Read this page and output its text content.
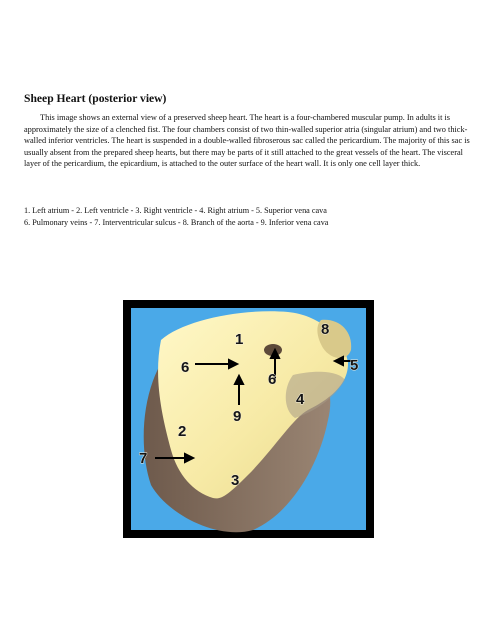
Sheep Heart (posterior view)

This image shows an external view of a preserved sheep heart. The heart is a four-chambered muscular pump. In adults it is approximately the size of a clenched fist. The four chambers consist of two thin-walled superior atria (singular atrium) and two thick-walled inferior ventricles. The heart is suspended in a double-walled fibroserous sac called the pericardium. The majority of this sac is usually absent from the prepared sheep hearts, but there may be parts of it still attached to the great vessels of the heart. The visceral layer of the pericardium, the epicardium, is attached to the outer surface of the heart wall. It is only one cell layer thick.

1. Left atrium - 2. Left ventricle - 3. Right ventricle - 4. Right atrium - 5. Superior vena cava
6. Pulmonary veins - 7. Interventricular sulcus - 8. Branch of the aorta - 9. Inferior vena cava
1
2
3
4
5
6
6
7
8
9
